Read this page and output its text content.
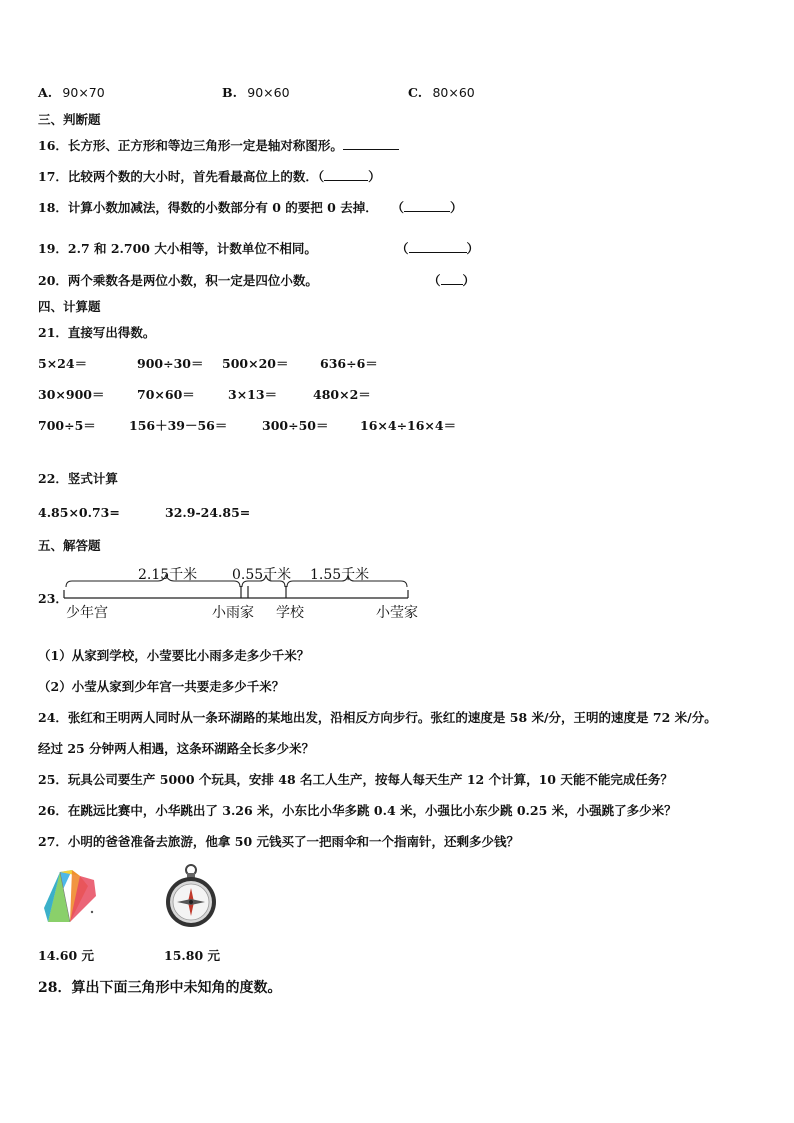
A. 90×70	B. 90×60	C. 80×60
三、判断题
16．长方形、正方形和等边三角形一定是轴对称图形。
17．比较两个数的大小时，首先看最高位上的数．（	）
18．计算小数加减法，得数的小数部分有 0 的要把 0 去掉． （	）
19．2.7 和 2.700 大小相等，计数单位不相同。	（	）
20．两个乘数各是两位小数，积一定是四位小数。	（ ）
四、计算题
21．直接写出得数。
5×24＝	900÷30＝ 500×20＝	636÷6＝
30×900＝	70×60＝	3×13＝	480×2＝
700÷5＝	156＋39－56＝	300÷50＝	16×4÷16×4＝
22．竖式计算
4.85×0.73=	32.9-24.85=
五、解答题
23．
2.15千米 0.55千米 1.55千米
少年宫	小雨家 学校	小莹家
（1）从家到学校，小莹要比小雨多走多少千米？
（2）小莹从家到少年宫一共要走多少千米？
24．张红和王明两人同时从一条环湖路的某地出发，沿相反方向步行。张红的速度是 58 米/分，王明的速度是 72 米/分。
经过 25 分钟两人相遇，这条环湖路全长多少米？
25．玩具公司要生产 5000 个玩具，安排 48 名工人生产，按每人每天生产 12 个计算，10 天能不能完成任务？
26．在跳远比赛中，小华跳出了 3.26 米，小东比小华多跳 0.4 米，小强比小东少跳 0.25 米，小强跳了多少米？
27．小明的爸爸准备去旅游，他拿 50 元钱买了一把雨伞和一个指南针，还剩多少钱？
14.60 元	15.80 元
28．算出下面三角形中未知角的度数。
